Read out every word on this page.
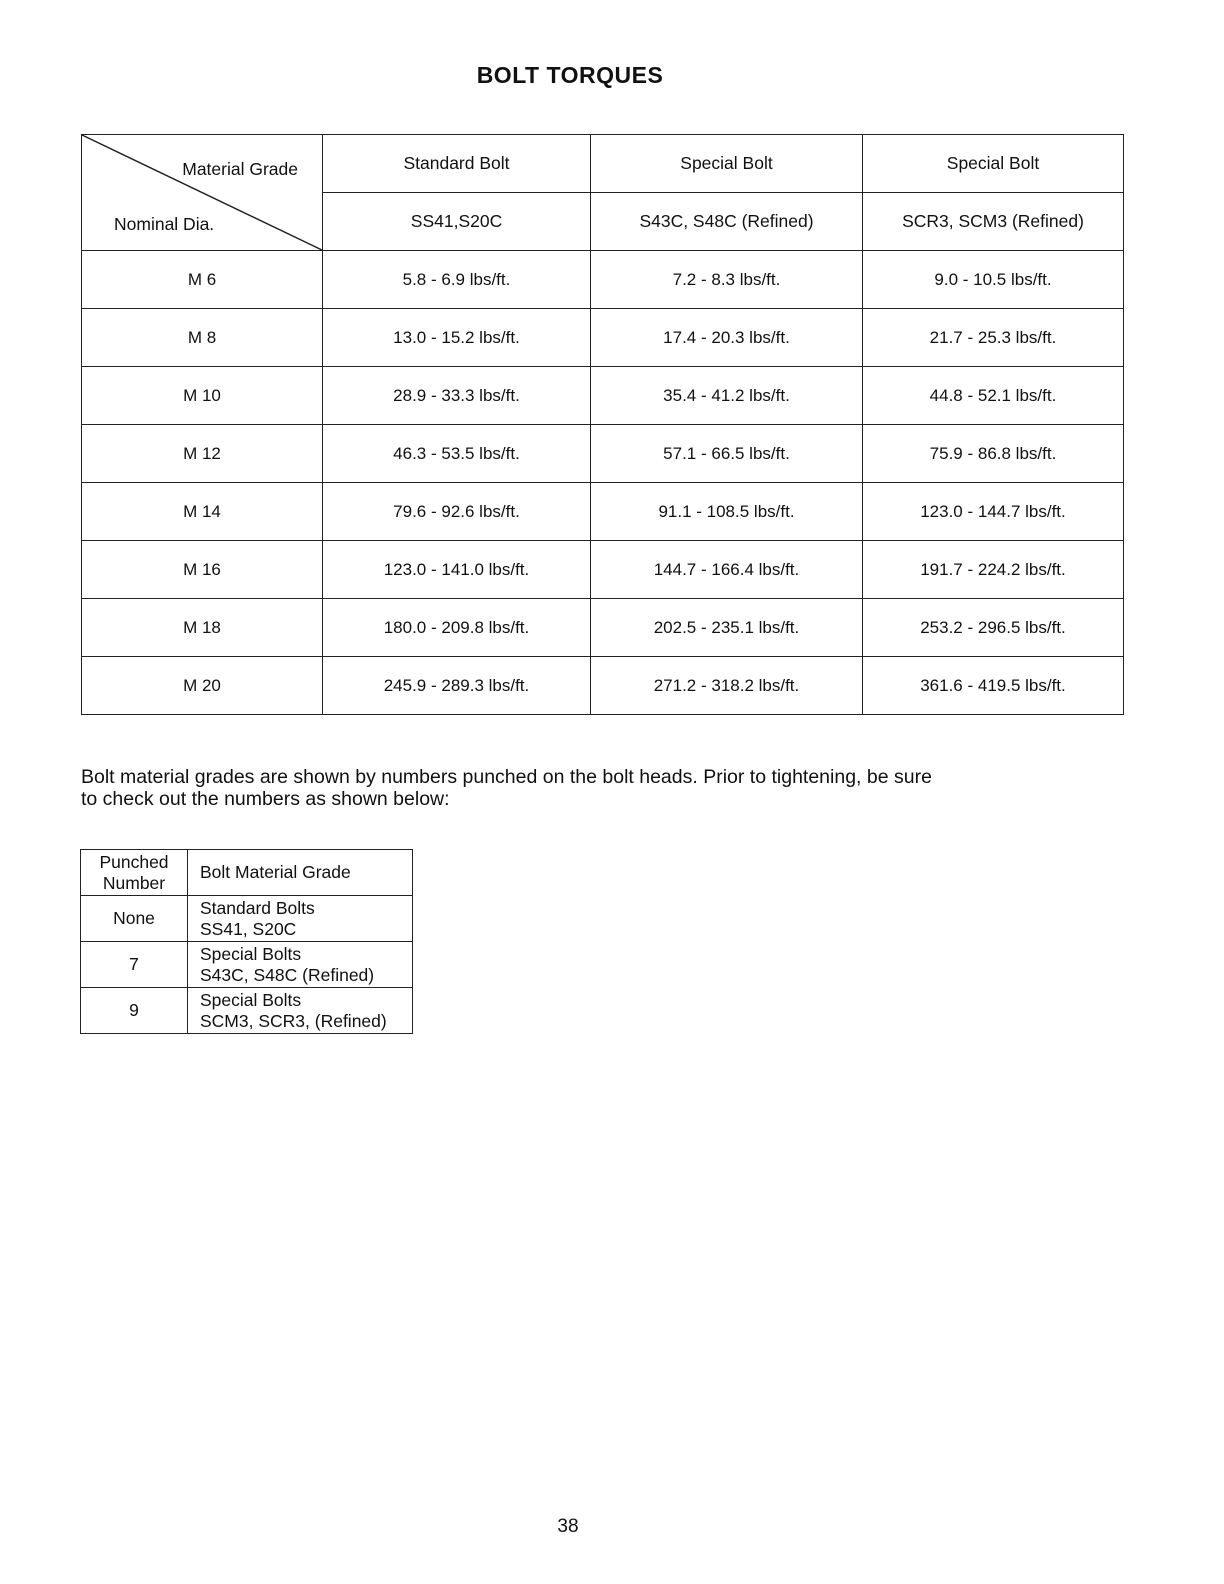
BOLT TORQUES
Material Grade
Nominal Dia.	Standard Bolt	Special Bolt	Special Bolt
	SS41,S20C	S43C, S48C (Refined)	SCR3, SCM3 (Refined)
M 6	5.8 - 6.9 lbs/ft.	7.2 - 8.3 lbs/ft.	9.0 - 10.5 lbs/ft.
M 8	13.0 - 15.2 lbs/ft.	17.4 - 20.3 lbs/ft.	21.7 - 25.3 lbs/ft.
M 10	28.9 - 33.3 lbs/ft.	35.4 - 41.2 lbs/ft.	44.8 - 52.1 lbs/ft.
M 12	46.3 - 53.5 lbs/ft.	57.1 - 66.5 lbs/ft.	75.9 - 86.8 lbs/ft.
M 14	79.6 - 92.6 lbs/ft.	91.1 - 108.5 lbs/ft.	123.0 - 144.7 lbs/ft.
M 16	123.0 - 141.0 lbs/ft.	144.7 - 166.4 lbs/ft.	191.7 - 224.2 lbs/ft.
M 18	180.0 - 209.8 lbs/ft.	202.5 - 235.1 lbs/ft.	253.2 - 296.5 lbs/ft.
M 20	245.9 - 289.3 lbs/ft.	271.2 - 318.2 lbs/ft.	361.6 - 419.5 lbs/ft.
Bolt material grades are shown by numbers punched on the bolt heads. Prior to tightening, be sure
to check out the numbers as shown below:
Punched
Number	Bolt Material Grade
None	Standard Bolts
SS41, S20C

7	Special Bolts
S43C, S48C (Refined)

9	Special Bolts
SCM3, SCR3, (Refined)
38
